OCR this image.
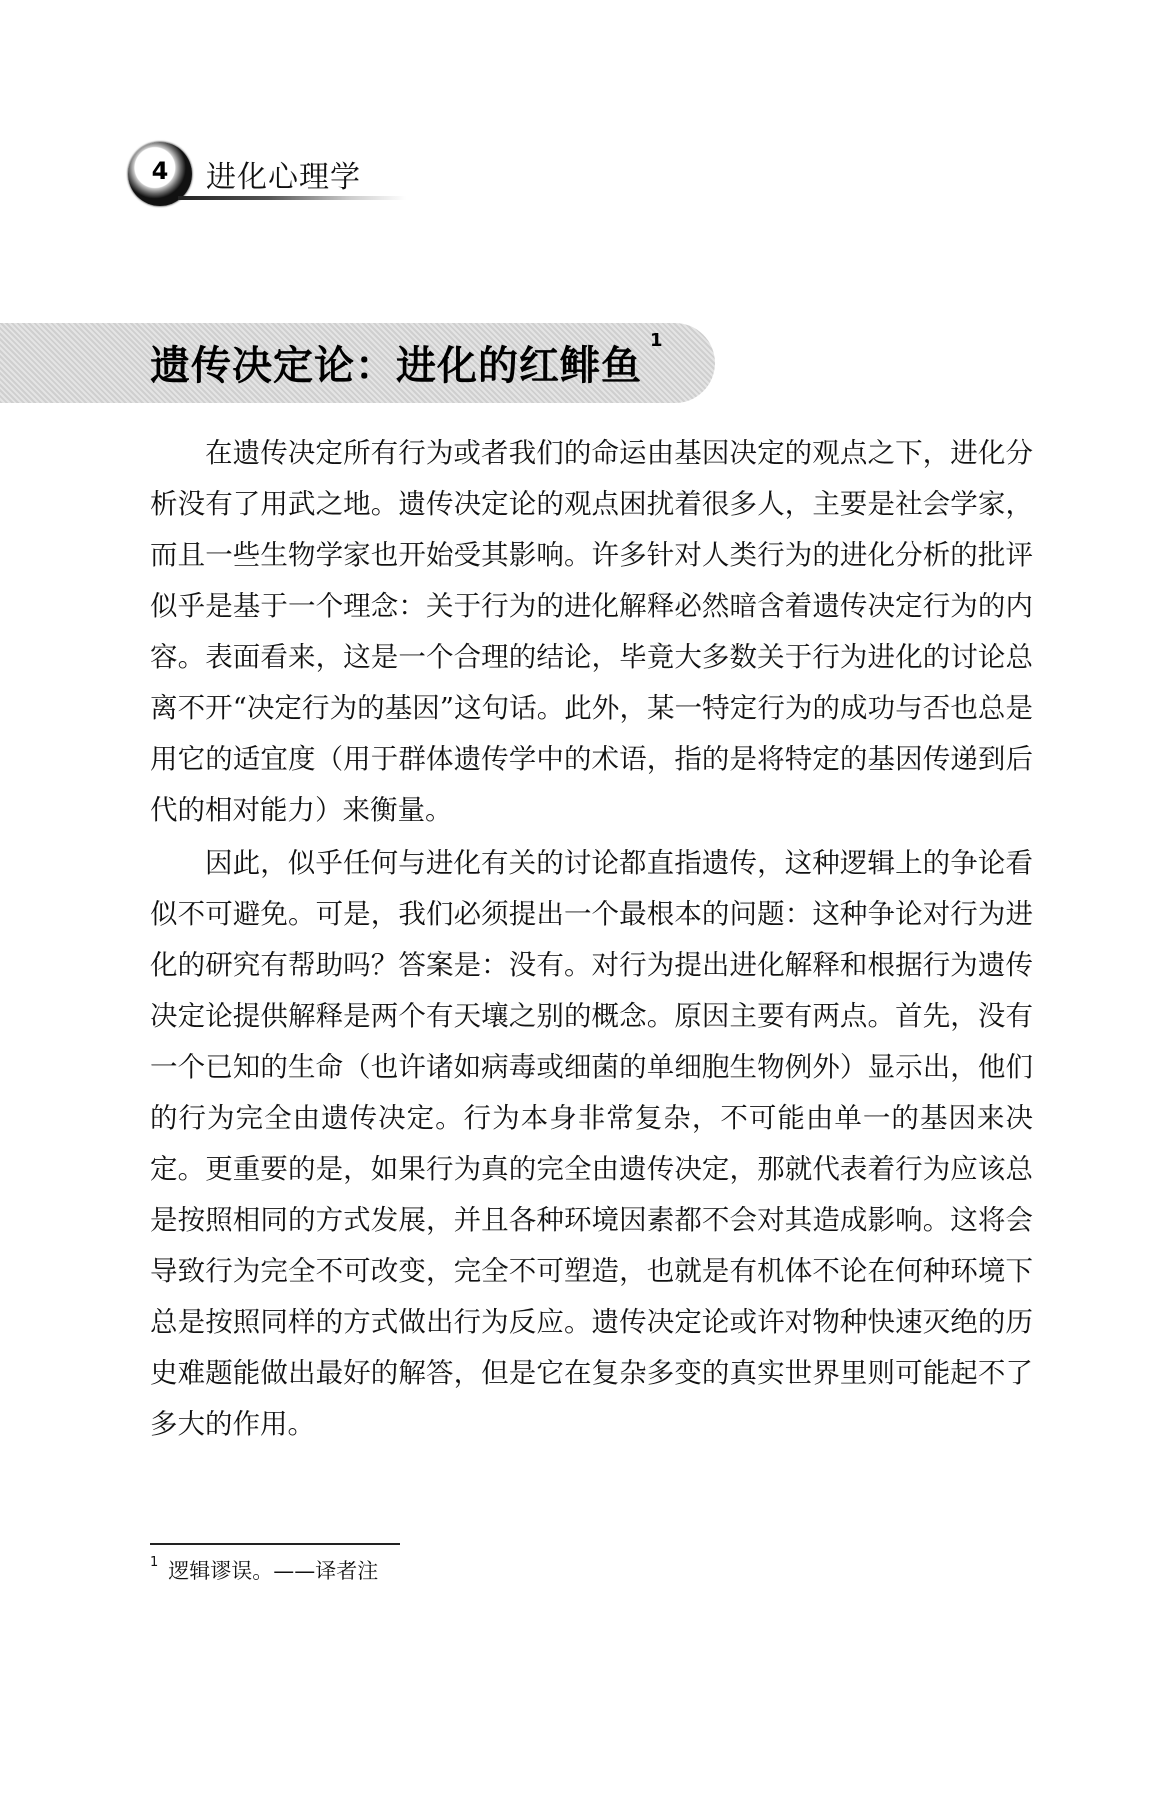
4	进化心理学
遗传决定论：进化的红鲱鱼$^1$

在遗传决定所有行为或者我们的命运由基因决定的观点之下，进化分析没有了用武之地。遗传决定论的观点困扰着很多人，主要是社会学家，而且一些生物学家也开始受其影响。许多针对人类行为的进化分析的批评似乎是基于一个理念：关于行为的进化解释必然暗含着遗传决定行为的内容。表面看来，这是一个合理的结论，毕竟大多数关于行为进化的讨论总离不开“决定行为的基因”这句话。此外，某一特定行为的成功与否也总是用它的适宜度（用于群体遗传学中的术语，指的是将特定的基因传递到后代的相对能力）来衡量。

因此，似乎任何与进化有关的讨论都直指遗传，这种逻辑上的争论看似不可避免。可是，我们必须提出一个最根本的问题：这种争论对行为进化的研究有帮助吗？答案是：没有。对行为提出进化解释和根据行为遗传决定论提供解释是两个有天壤之别的概念。原因主要有两点。首先，没有一个已知的生命（也许诸如病毒或细菌的单细胞生物例外）显示出，他们的行为完全由遗传决定。行为本身非常复杂，不可能由单一的基因来决定。更重要的是，如果行为真的完全由遗传决定，那就代表着行为应该总是按照相同的方式发展，并且各种环境因素都不会对其造成影响。这将会导致行为完全不可改变，完全不可塑造，也就是有机体不论在何种环境下总是按照同样的方式做出行为反应。遗传决定论或许对物种快速灭绝的历史难题能做出最好的解答，但是它在复杂多变的真实世界里则可能起不了多大的作用。

$^1$ 逻辑谬误。——译者注
